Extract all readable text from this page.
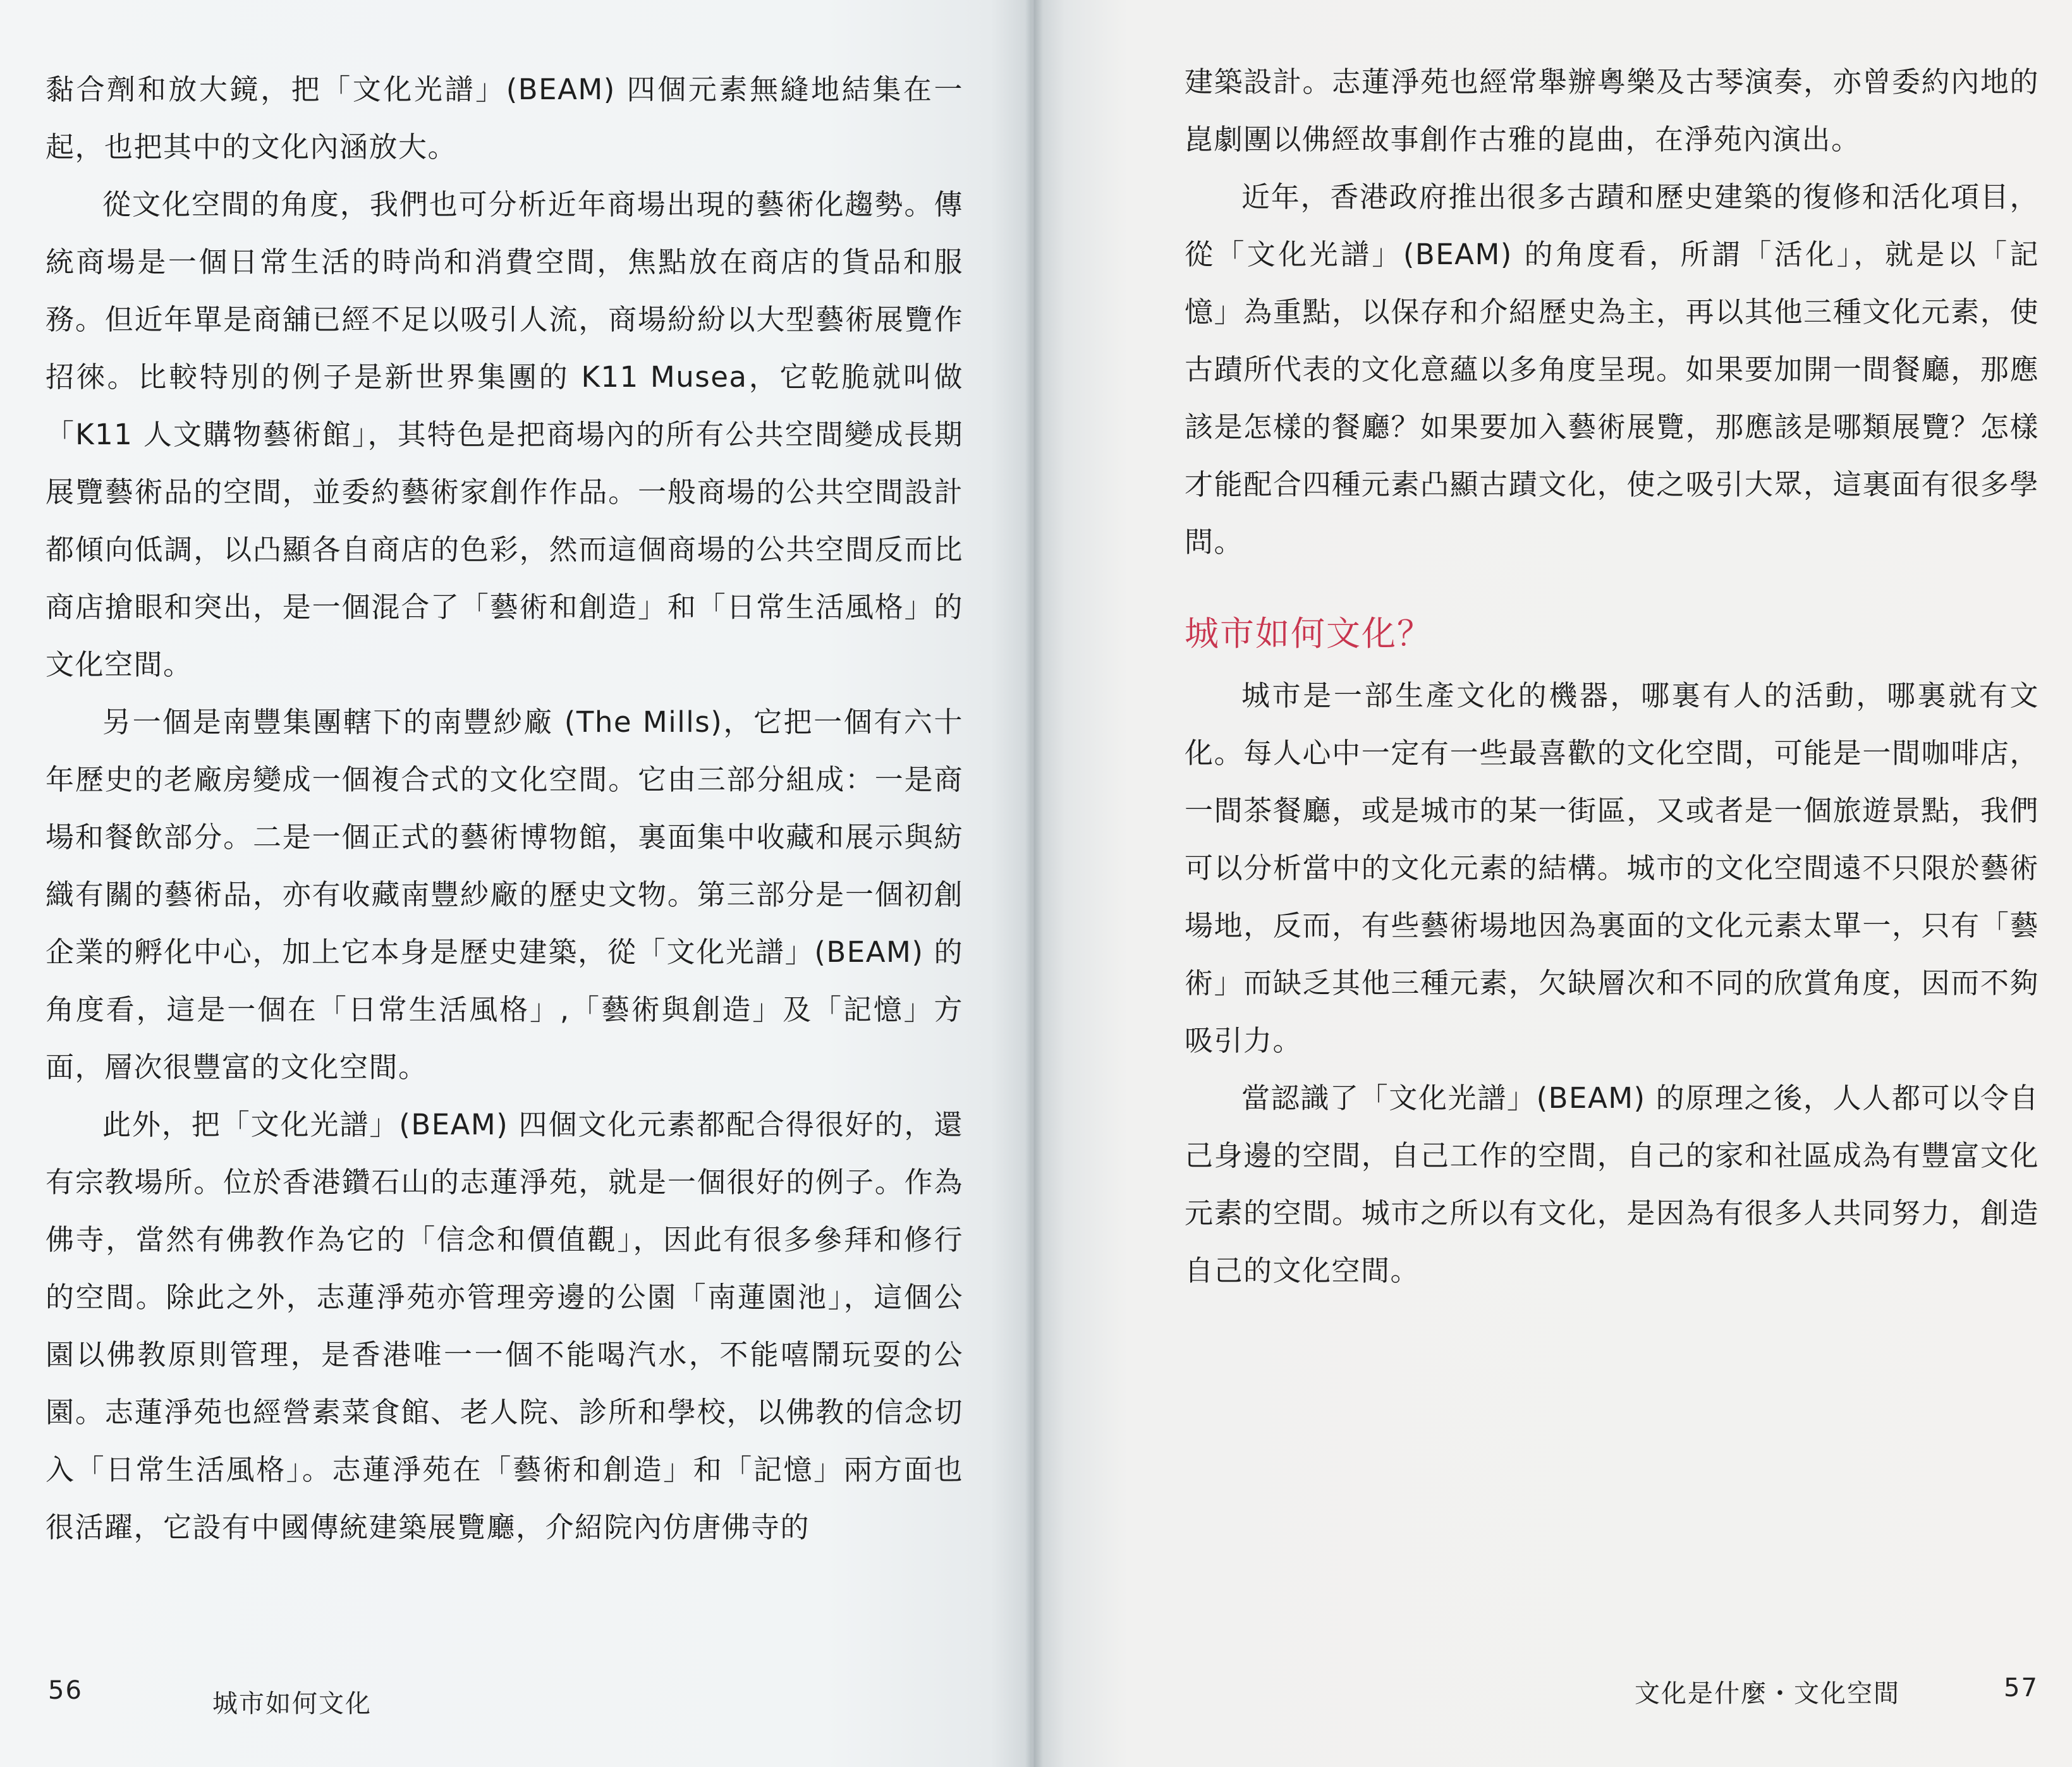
黏合劑和放大鏡，把「文化光譜」(BEAM) 四個元素無縫地結集在一起，也把其中的文化內涵放大。

從文化空間的角度，我們也可分析近年商場出現的藝術化趨勢。傳統商場是一個日常生活的時尚和消費空間，焦點放在商店的貨品和服務。但近年單是商舖已經不足以吸引人流，商場紛紛以大型藝術展覽作招徠。比較特別的例子是新世界集團的 K11 Musea，它乾脆就叫做「K11 人文購物藝術館」，其特色是把商場內的所有公共空間變成長期展覽藝術品的空間，並委約藝術家創作作品。一般商場的公共空間設計都傾向低調，以凸顯各自商店的色彩，然而這個商場的公共空間反而比商店搶眼和突出，是一個混合了「藝術和創造」和「日常生活風格」的文化空間。

另一個是南豐集團轄下的南豐紗廠 (The Mills)，它把一個有六十年歷史的老廠房變成一個複合式的文化空間。它由三部分組成：一是商場和餐飲部分。二是一個正式的藝術博物館，裏面集中收藏和展示與紡織有關的藝術品，亦有收藏南豐紗廠的歷史文物。第三部分是一個初創企業的孵化中心，加上它本身是歷史建築，從「文化光譜」(BEAM) 的角度看，這是一個在「日常生活風格」,「藝術與創造」及「記憶」方面，層次很豐富的文化空間。

此外，把「文化光譜」(BEAM) 四個文化元素都配合得很好的，還有宗教場所。位於香港鑽石山的志蓮淨苑，就是一個很好的例子。作為佛寺，當然有佛教作為它的「信念和價值觀」，因此有很多參拜和修行的空間。除此之外，志蓮淨苑亦管理旁邊的公園「南蓮園池」，這個公園以佛教原則管理，是香港唯一一個不能喝汽水，不能嘻鬧玩耍的公園。志蓮淨苑也經營素菜食館、老人院、診所和學校，以佛教的信念切入「日常生活風格」。志蓮淨苑在「藝術和創造」和「記憶」兩方面也很活躍，它設有中國傳統建築展覽廳，介紹院內仿唐佛寺的

56	城市如何文化

建築設計。志蓮淨苑也經常舉辦粵樂及古琴演奏，亦曾委約內地的崑劇團以佛經故事創作古雅的崑曲，在淨苑內演出。

近年，香港政府推出很多古蹟和歷史建築的復修和活化項目，從「文化光譜」(BEAM) 的角度看，所謂「活化」，就是以「記憶」為重點，以保存和介紹歷史為主，再以其他三種文化元素，使古蹟所代表的文化意蘊以多角度呈現。如果要加開一間餐廳，那應該是怎樣的餐廳？如果要加入藝術展覽，那應該是哪類展覽？怎樣才能配合四種元素凸顯古蹟文化，使之吸引大眾，這裏面有很多學問。

城市如何文化？

城市是一部生產文化的機器，哪裏有人的活動，哪裏就有文化。每人心中一定有一些最喜歡的文化空間，可能是一間咖啡店，一間茶餐廳，或是城市的某一街區，又或者是一個旅遊景點，我們可以分析當中的文化元素的結構。城市的文化空間遠不只限於藝術場地，反而，有些藝術場地因為裏面的文化元素太單一，只有「藝術」而缺乏其他三種元素，欠缺層次和不同的欣賞角度，因而不夠吸引力。

當認識了「文化光譜」(BEAM) 的原理之後，人人都可以令自己身邊的空間，自己工作的空間，自己的家和社區成為有豐富文化元素的空間。城市之所以有文化，是因為有很多人共同努力，創造自己的文化空間。

文化是什麼・文化空間	57
